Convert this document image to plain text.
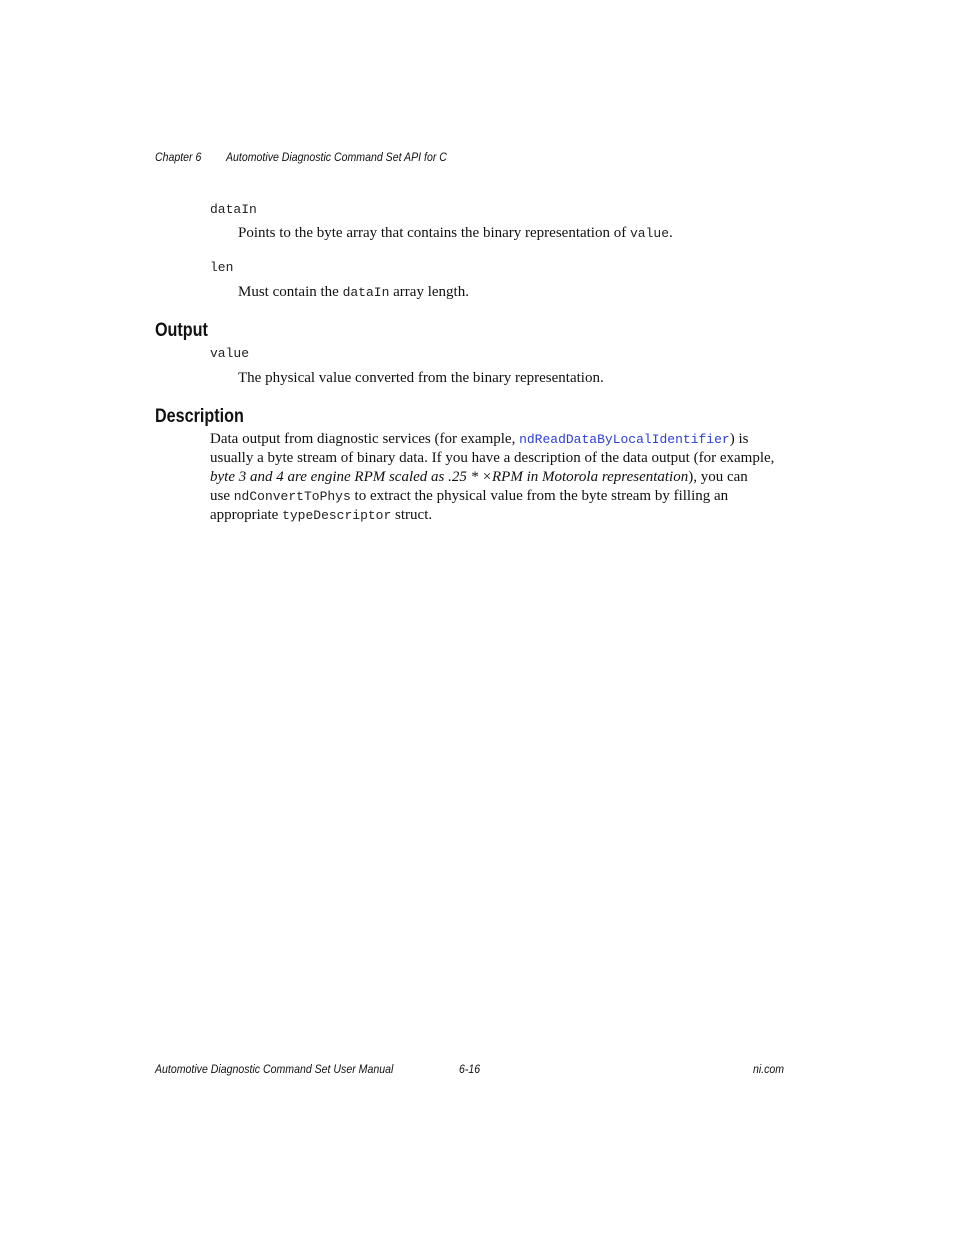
Chapter 6 Automotive Diagnostic Command Set API for C
dataIn
Points to the byte array that contains the binary representation of value.
len
Must contain the dataIn array length.
Output
value
The physical value converted from the binary representation.
Description
Data output from diagnostic services (for example, ndReadDataByLocalIdentifier) is
usually a byte stream of binary data. If you have a description of the data output (for example,
byte 3 and 4 are engine RPM scaled as .25 * ×RPM in Motorola representation), you can
use ndConvertToPhys to extract the physical value from the byte stream by filling an
appropriate typeDescriptor struct.
Automotive Diagnostic Command Set User Manual	6-16	ni.com
